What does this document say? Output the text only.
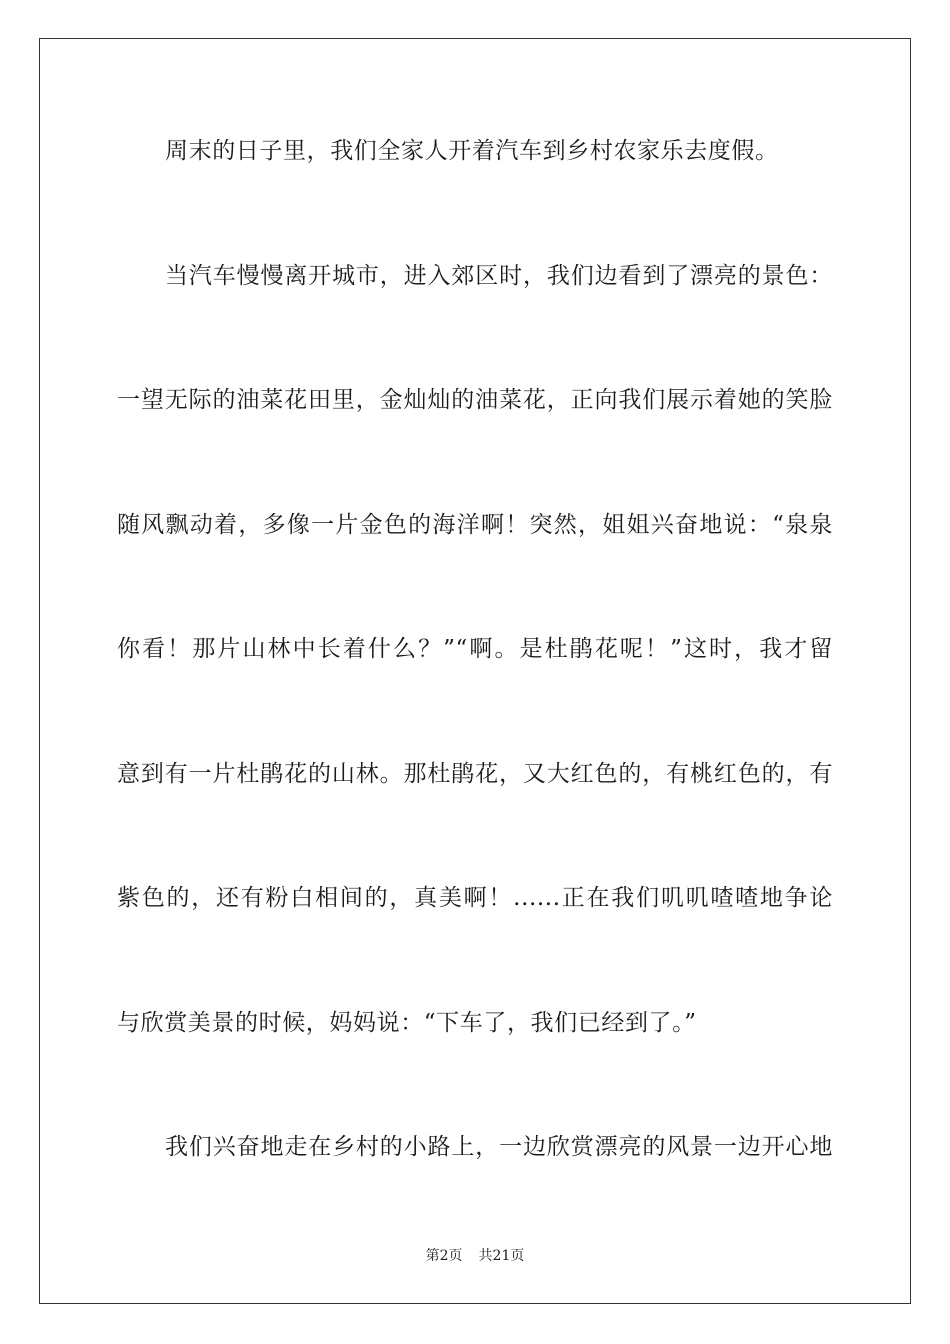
周末的日子里，我们全家人开着汽车到乡村农家乐去度假。
当汽车慢慢离开城市，进入郊区时，我们边看到了漂亮的景色：
一望无际的油菜花田里，金灿灿的油菜花，正向我们展示着她的笑脸
随风飘动着，多像一片金色的海洋啊！突然，姐姐兴奋地说：“泉泉
你看！那片山林中长着什么？”“啊。是杜鹃花呢！”这时，我才留
意到有一片杜鹃花的山林。那杜鹃花，又大红色的，有桃红色的，有
紫色的，还有粉白相间的，真美啊！......正在我们叽叽喳喳地争论
与欣赏美景的时候，妈妈说：“下车了，我们已经到了。”
我们兴奋地走在乡村的小路上，一边欣赏漂亮的风景一边开心地
第2页 共21页
